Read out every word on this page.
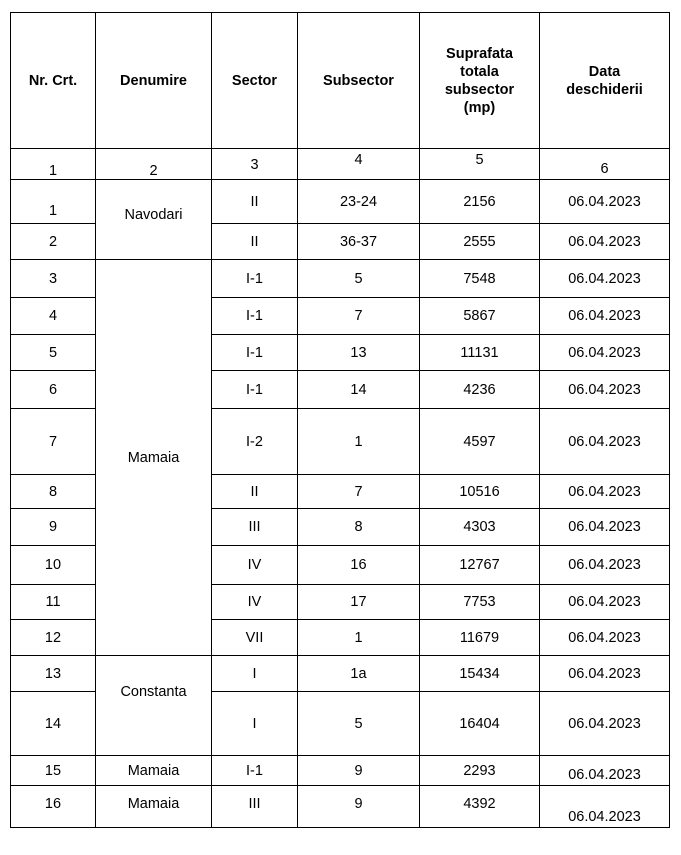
Nr. Crt.	Denumire	Sector	Subsector	Suprafata totala subsector (mp)	Data deschiderii
1	2	3	4	5	6
1	Navodari	II	23-24	2156	06.04.2023
2		II	36-37	2555	06.04.2023
3	Mamaia	I-1	5	7548	06.04.2023
4		I-1	7	5867	06.04.2023
5		I-1	13	11131	06.04.2023
6		I-1	14	4236	06.04.2023
7		I-2	1	4597	06.04.2023
8		II	7	10516	06.04.2023
9		III	8	4303	06.04.2023
10		IV	16	12767	06.04.2023
11		IV	17	7753	06.04.2023
12		VII	1	11679	06.04.2023
13	Constanta	I	1a	15434	06.04.2023
14		I	5	16404	06.04.2023
15	Mamaia	I-1	9	2293	06.04.2023
16	Mamaia	III	9	4392	06.04.2023
